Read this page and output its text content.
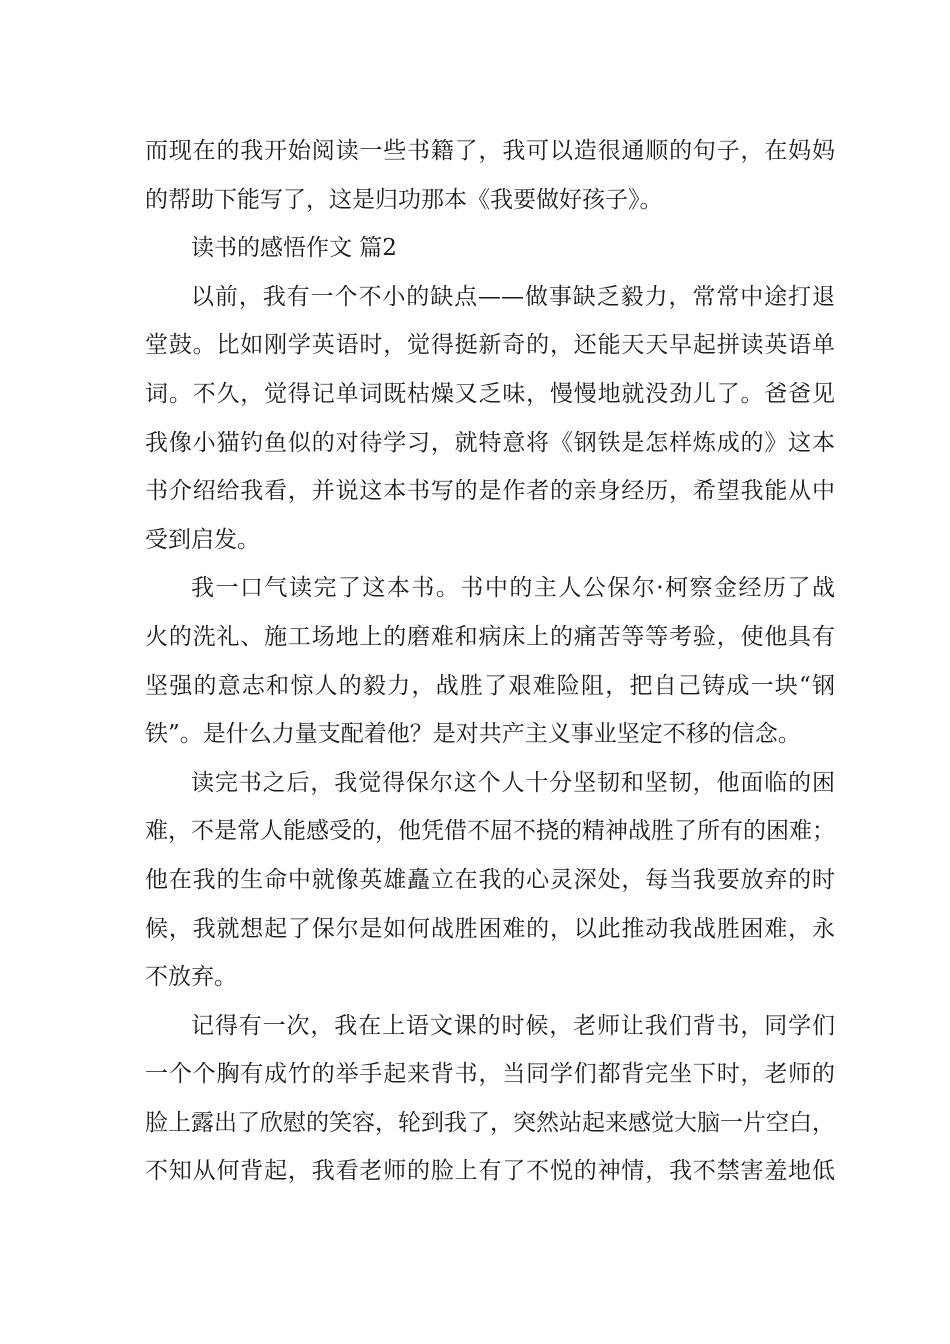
而现在的我开始阅读一些书籍了，我可以造很通顺的句子，在妈妈
的帮助下能写了，这是归功那本《我要做好孩子》。
读书的感悟作文 篇2
以前，我有一个不小的缺点——做事缺乏毅力，常常中途打退
堂鼓。比如刚学英语时，觉得挺新奇的，还能天天早起拼读英语单
词。不久，觉得记单词既枯燥又乏味，慢慢地就没劲儿了。爸爸见
我像小猫钓鱼似的对待学习，就特意将《钢铁是怎样炼成的》这本
书介绍给我看，并说这本书写的是作者的亲身经历，希望我能从中
受到启发。
我一口气读完了这本书。书中的主人公保尔·柯察金经历了战
火的洗礼、施工场地上的磨难和病床上的痛苦等等考验，使他具有
坚强的意志和惊人的毅力，战胜了艰难险阻，把自己铸成一块“钢
铁”。是什么力量支配着他？是对共产主义事业坚定不移的信念。
读完书之后，我觉得保尔这个人十分坚韧和坚韧，他面临的困
难，不是常人能感受的，他凭借不屈不挠的精神战胜了所有的困难；
他在我的生命中就像英雄矗立在我的心灵深处，每当我要放弃的时
候，我就想起了保尔是如何战胜困难的，以此推动我战胜困难，永
不放弃。
记得有一次，我在上语文课的时候，老师让我们背书，同学们
一个个胸有成竹的举手起来背书，当同学们都背完坐下时，老师的
脸上露出了欣慰的笑容，轮到我了，突然站起来感觉大脑一片空白，
不知从何背起，我看老师的脸上有了不悦的神情，我不禁害羞地低
